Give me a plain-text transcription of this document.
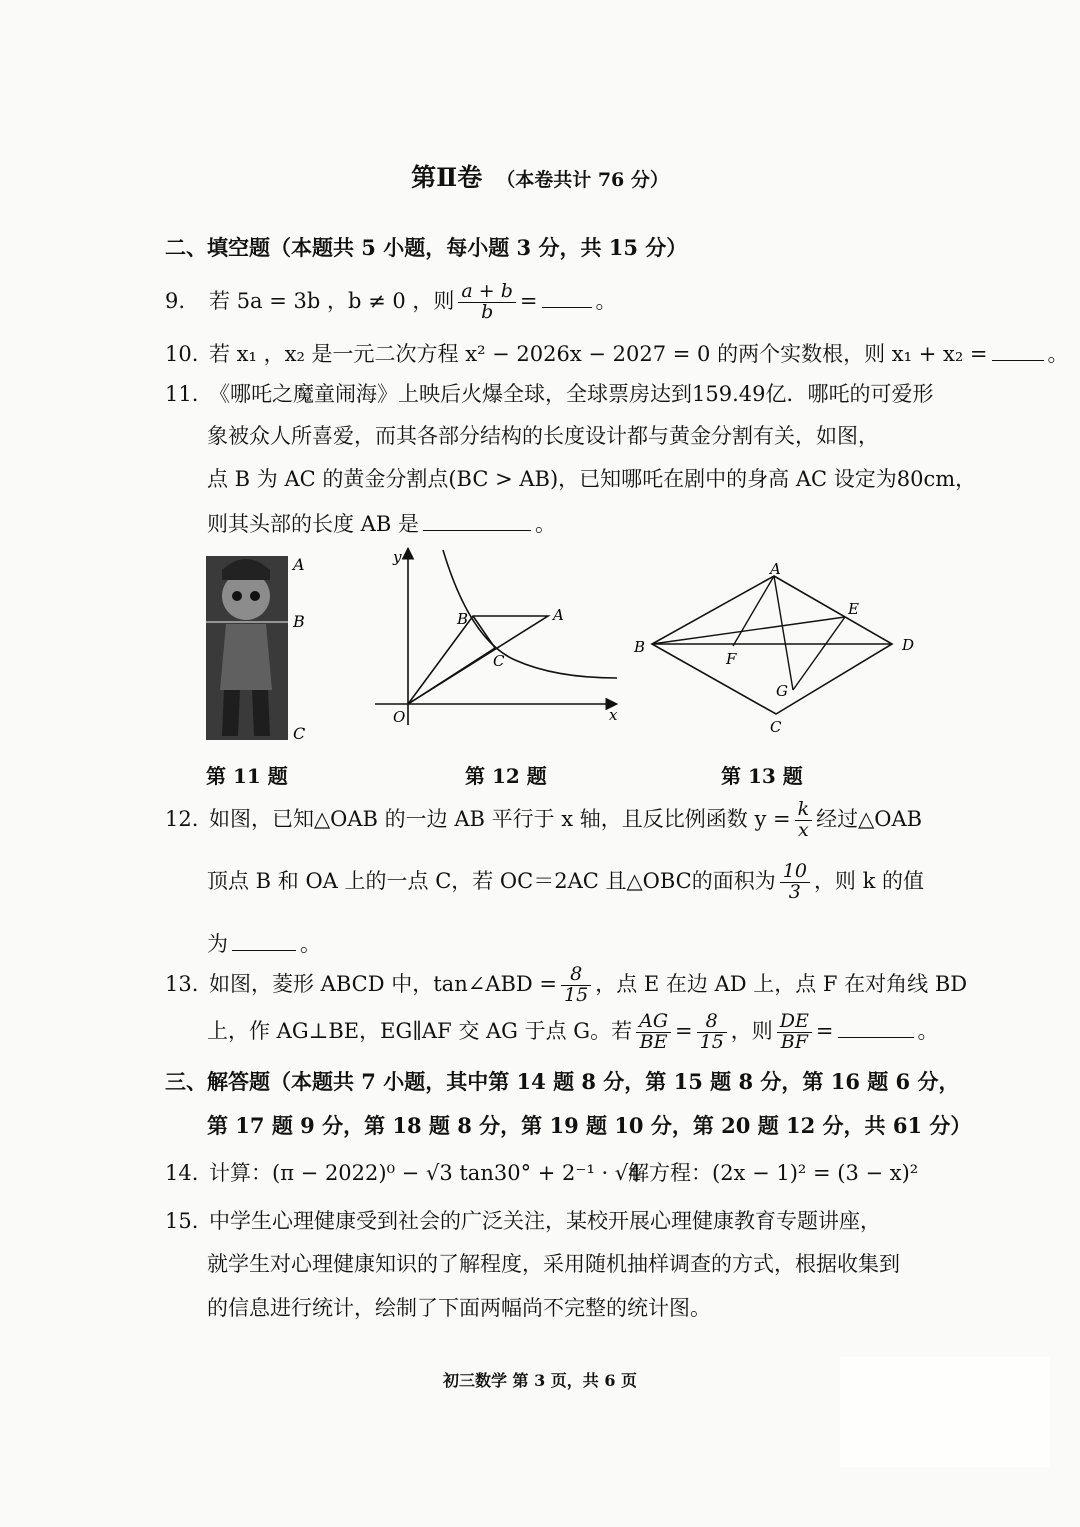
第Ⅱ卷 （本卷共计 76 分）
二、填空题（本题共 5 小题，每小题 3 分，共 15 分）
9. 若 5a = 3b ，b ≠ 0 ，则 $\frac{a + b}{b}$ =	。
10. 若 x₁ ，x₂ 是一元二次方程 x² − 2026x − 2027 = 0 的两个实数根，则 x₁ + x₂ =	。
11. 《哪吒之魔童闹海》上映后火爆全球，全球票房达到159.49亿．哪吒的可爱形
象被众人所喜爱，而其各部分结构的长度设计都与黄金分割有关，如图，
点 B 为 AC 的黄金分割点(BC > AB)，已知哪吒在剧中的身高 AC 设定为80cm，
则其头部的长度 AB 是	。
A
B
C
y
x
O
A
B
C
A
B
C
D
E
F
G
第 11 题	第 12 题	第 13 题
12. 如图，已知△OAB 的一边 AB 平行于 x 轴，且反比例函数 $y = \frac{k}{x}$ 经过△OAB
顶点 B 和 OA 上的一点 C，若 OC＝2AC 且△OBC的面积为 $\frac{10}{3}$ ，则 k 的值
为	。
13. 如图，菱形 ABCD 中，tan∠ABD = $\frac{8}{15}$ ，点 E 在边 AD 上，点 F 在对角线 BD
上，作 AG⊥BE，EG∥AF 交 AG 于点 G。若 $\frac{AG}{BE} = \frac{8}{15}$ ，则 $\frac{DE}{BF}$ =	。
三、解答题（本题共 7 小题，其中第 14 题 8 分，第 15 题 8 分，第 16 题 6 分，
第 17 题 9 分，第 18 题 8 分，第 19 题 10 分，第 20 题 12 分，共 61 分）
14. 计算：(π − 2022)⁰ − √3 tan30° + 2⁻¹ · √4
解方程：(2x − 1)² = (3 − x)²
15. 中学生心理健康受到社会的广泛关注，某校开展心理健康教育专题讲座，
就学生对心理健康知识的了解程度，采用随机抽样调查的方式，根据收集到
的信息进行统计，绘制了下面两幅尚不完整的统计图。
初三数学 第 3 页，共 6 页
